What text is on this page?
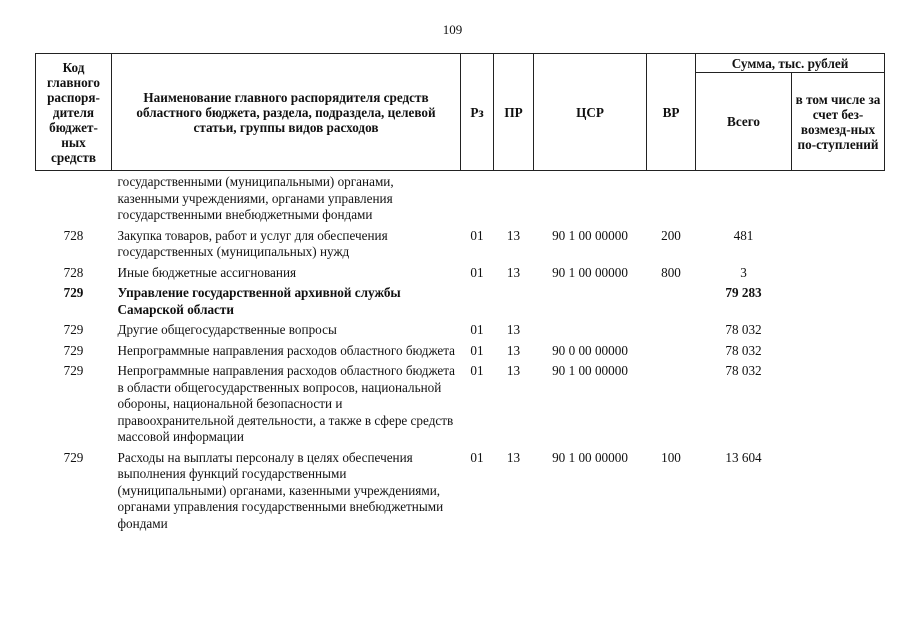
109
Код главного распоря-дителя бюджет-ных средств	Наименование главного распорядителя средств областного бюджета, раздела, подраздела, целевой статьи, группы видов расходов	Рз	ПР	ЦСР	ВР	Сумма, тыс. рублей	
						Всего	в том числе за счет без-возмезд-ных по-ступлений
	государственными (муниципальными) органами, казенными учреждениями, органами управления государственными внебюджетными фондами						
728	Закупка товаров, работ и услуг для обеспечения государственных (муниципальных) нужд	01	13	90 1 00 00000	200	481	
728	Иные бюджетные ассигнования	01	13	90 1 00 00000	800	3	
729	Управление государственной архивной службы Самарской области					79 283	
729	Другие общегосударственные вопросы	01	13			78 032	
729	Непрограммные направления расходов областного бюджета	01	13	90 0 00 00000		78 032	
729	Непрограммные направления расходов областного бюджета в области общегосударственных вопросов, национальной обороны, национальной безопасности и правоохранительной деятельности, а также в сфере средств массовой информации	01	13	90 1 00 00000		78 032	
729	Расходы на выплаты персоналу в целях обеспечения выполнения функций государственными (муниципальными) органами, казенными учреждениями, органами управления государственными внебюджетными фондами	01	13	90 1 00 00000	100	13 604	
